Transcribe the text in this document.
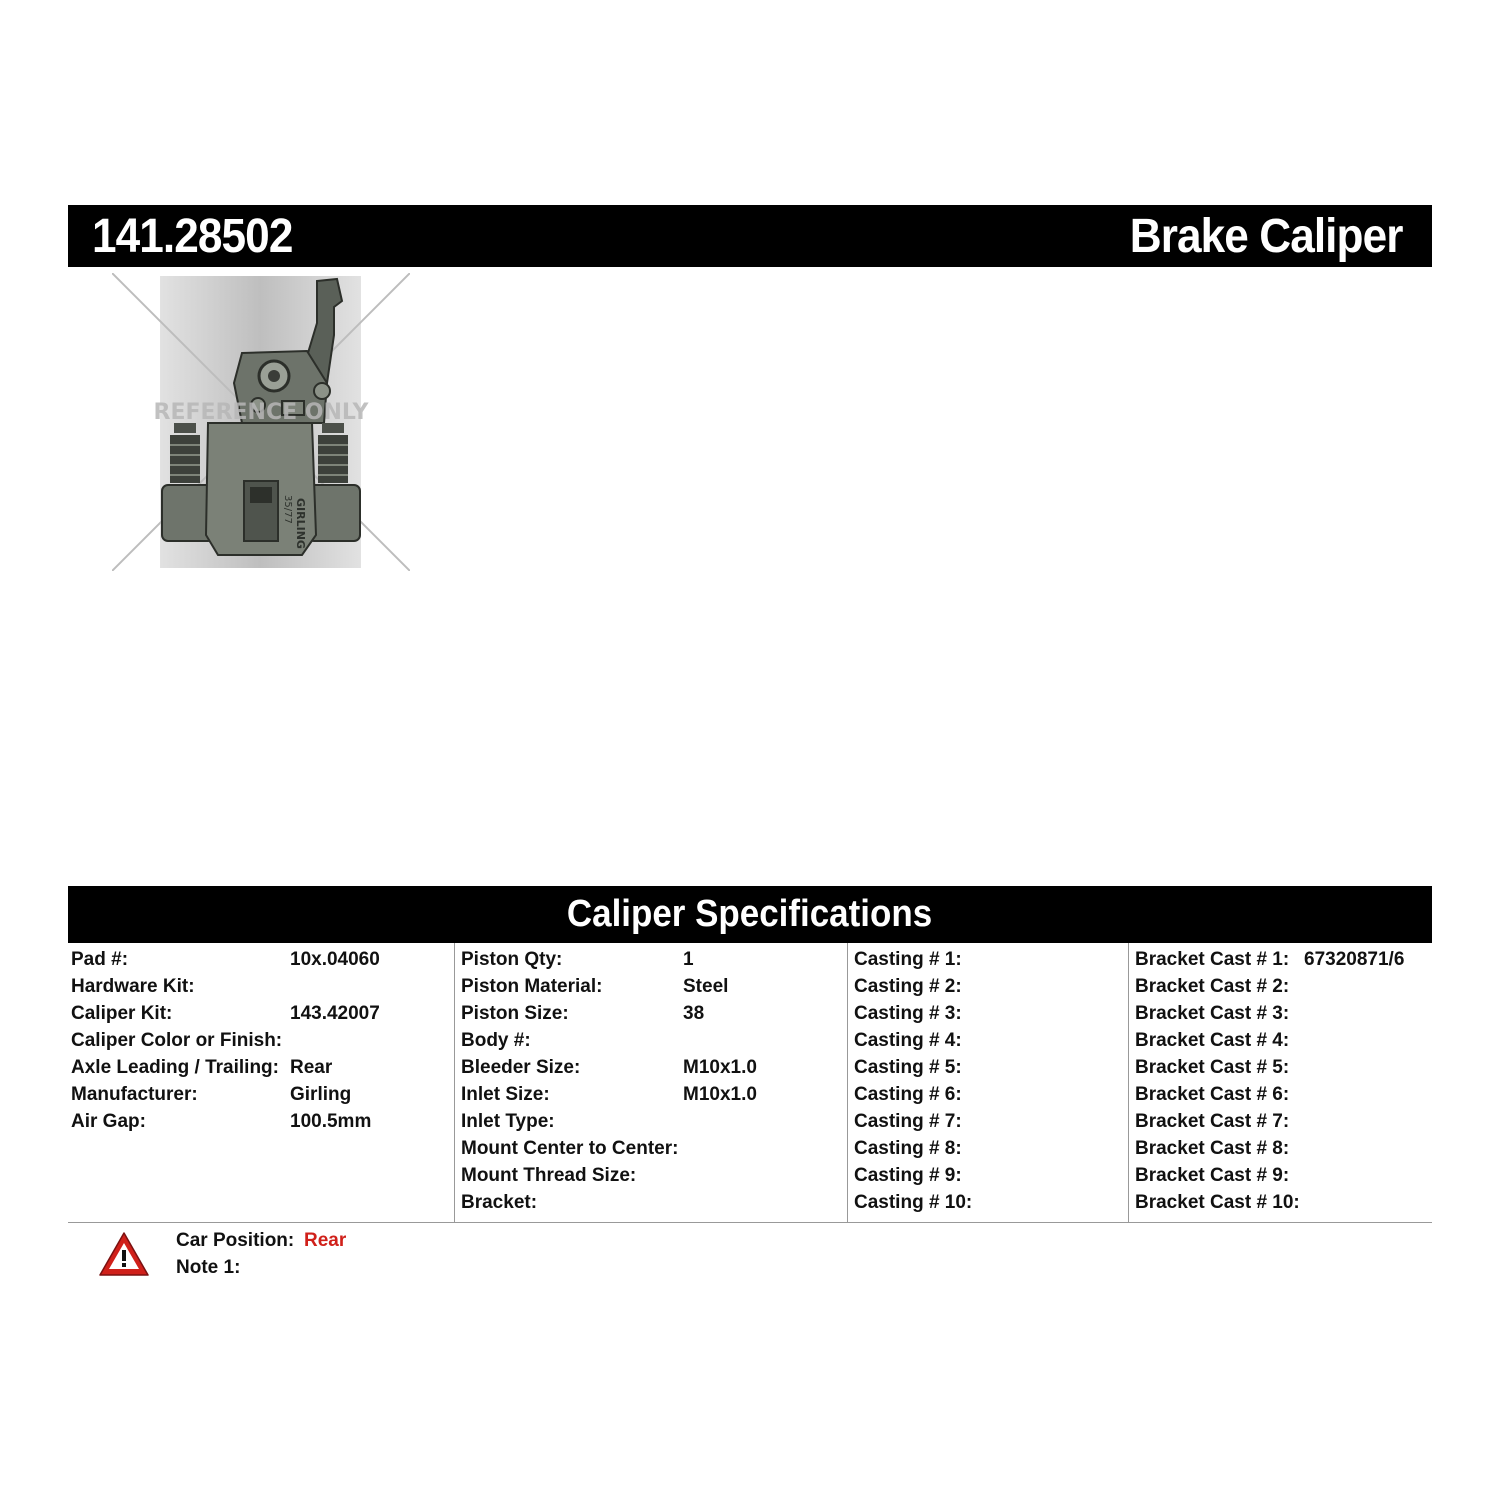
141.28502	Brake Caliper
GIRLING
35/77
REFERENCE ONLY
Caliper Specifications
Pad #:	10x.04060
Hardware Kit:
Caliper Kit:	143.42007
Caliper Color or Finish:
Axle Leading / Trailing: Rear
Manufacturer:	Girling
Air Gap:	100.5mm
Piston Qty:	1
Piston Material:	Steel
Piston Size:	38
Body #:
Bleeder Size:	M10x1.0
Inlet Size:	M10x1.0
Inlet Type:
Mount Center to Center:
Mount Thread Size:
Bracket:
Casting # 1:
Casting # 2:
Casting # 3:
Casting # 4:
Casting # 5:
Casting # 6:
Casting # 7:
Casting # 8:
Casting # 9:
Casting # 10:
Bracket Cast # 1: 67320871/6
Bracket Cast # 2:
Bracket Cast # 3:
Bracket Cast # 4:
Bracket Cast # 5:
Bracket Cast # 6:
Bracket Cast # 7:
Bracket Cast # 8:
Bracket Cast # 9:
Bracket Cast # 10:
Car Position: Rear
Note 1:
